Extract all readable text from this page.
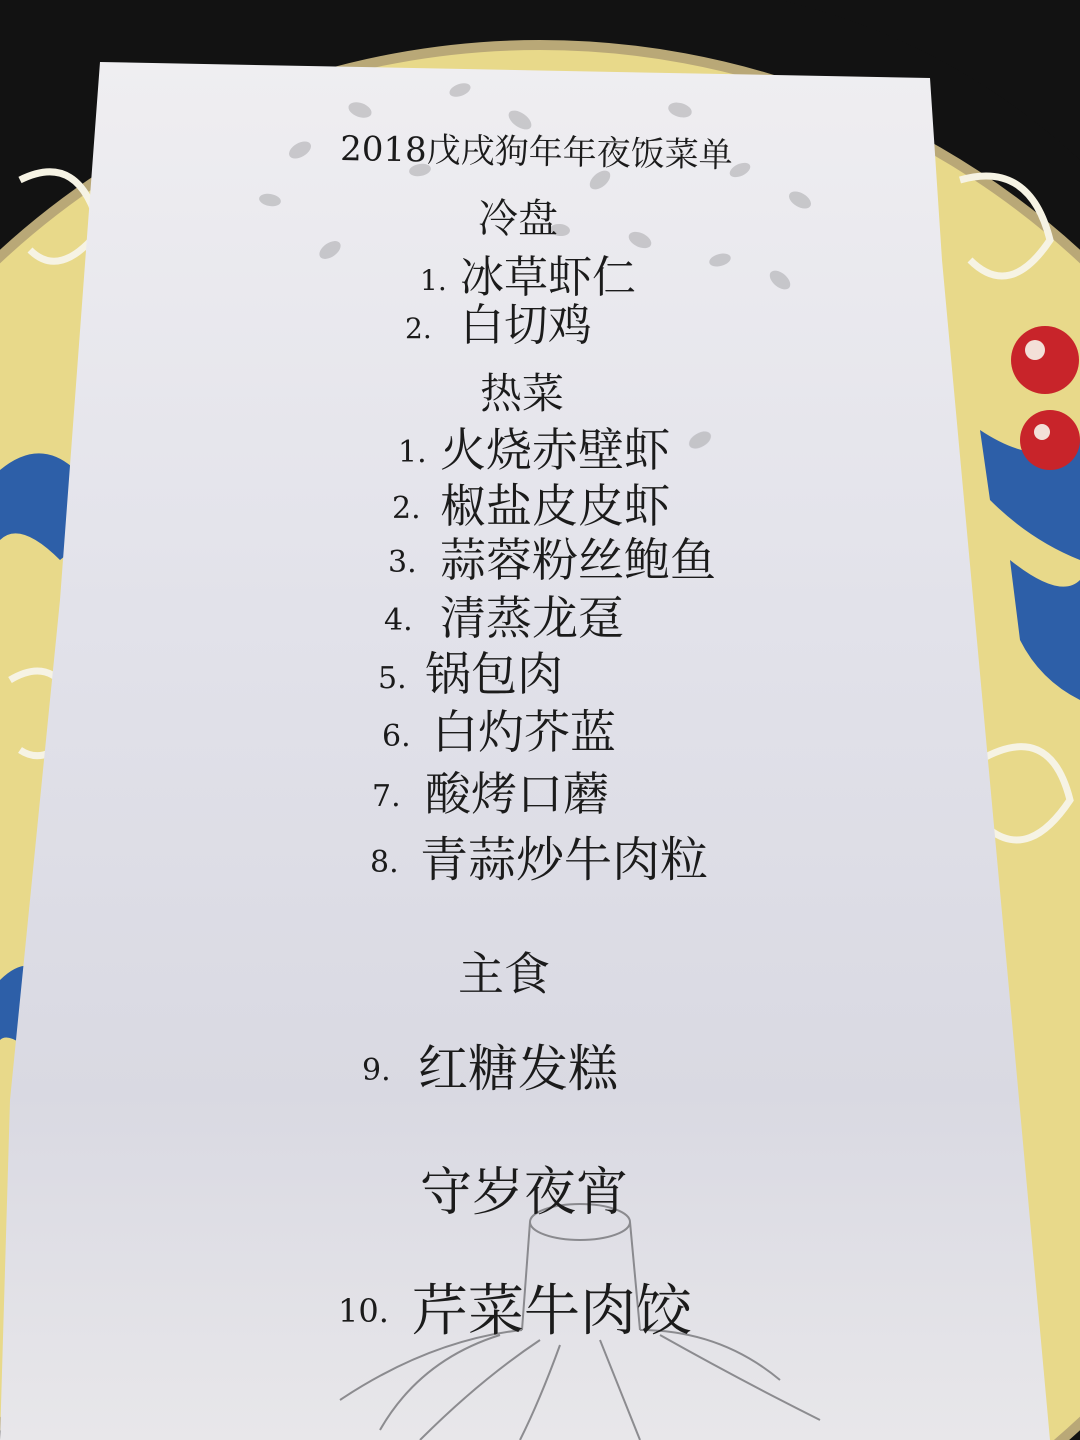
2018戊戌狗年年夜饭菜单
冷盘
1. 冰草虾仁
2. 白切鸡
热菜
1. 火烧赤壁虾
2. 椒盐皮皮虾
3. 蒜蓉粉丝鲍鱼
4. 清蒸龙趸
5. 锅包肉
6. 白灼芥蓝
7. 酸烤口蘑
8. 青蒜炒牛肉粒
主食
9. 红糖发糕
守岁夜宵
10. 芹菜牛肉饺
